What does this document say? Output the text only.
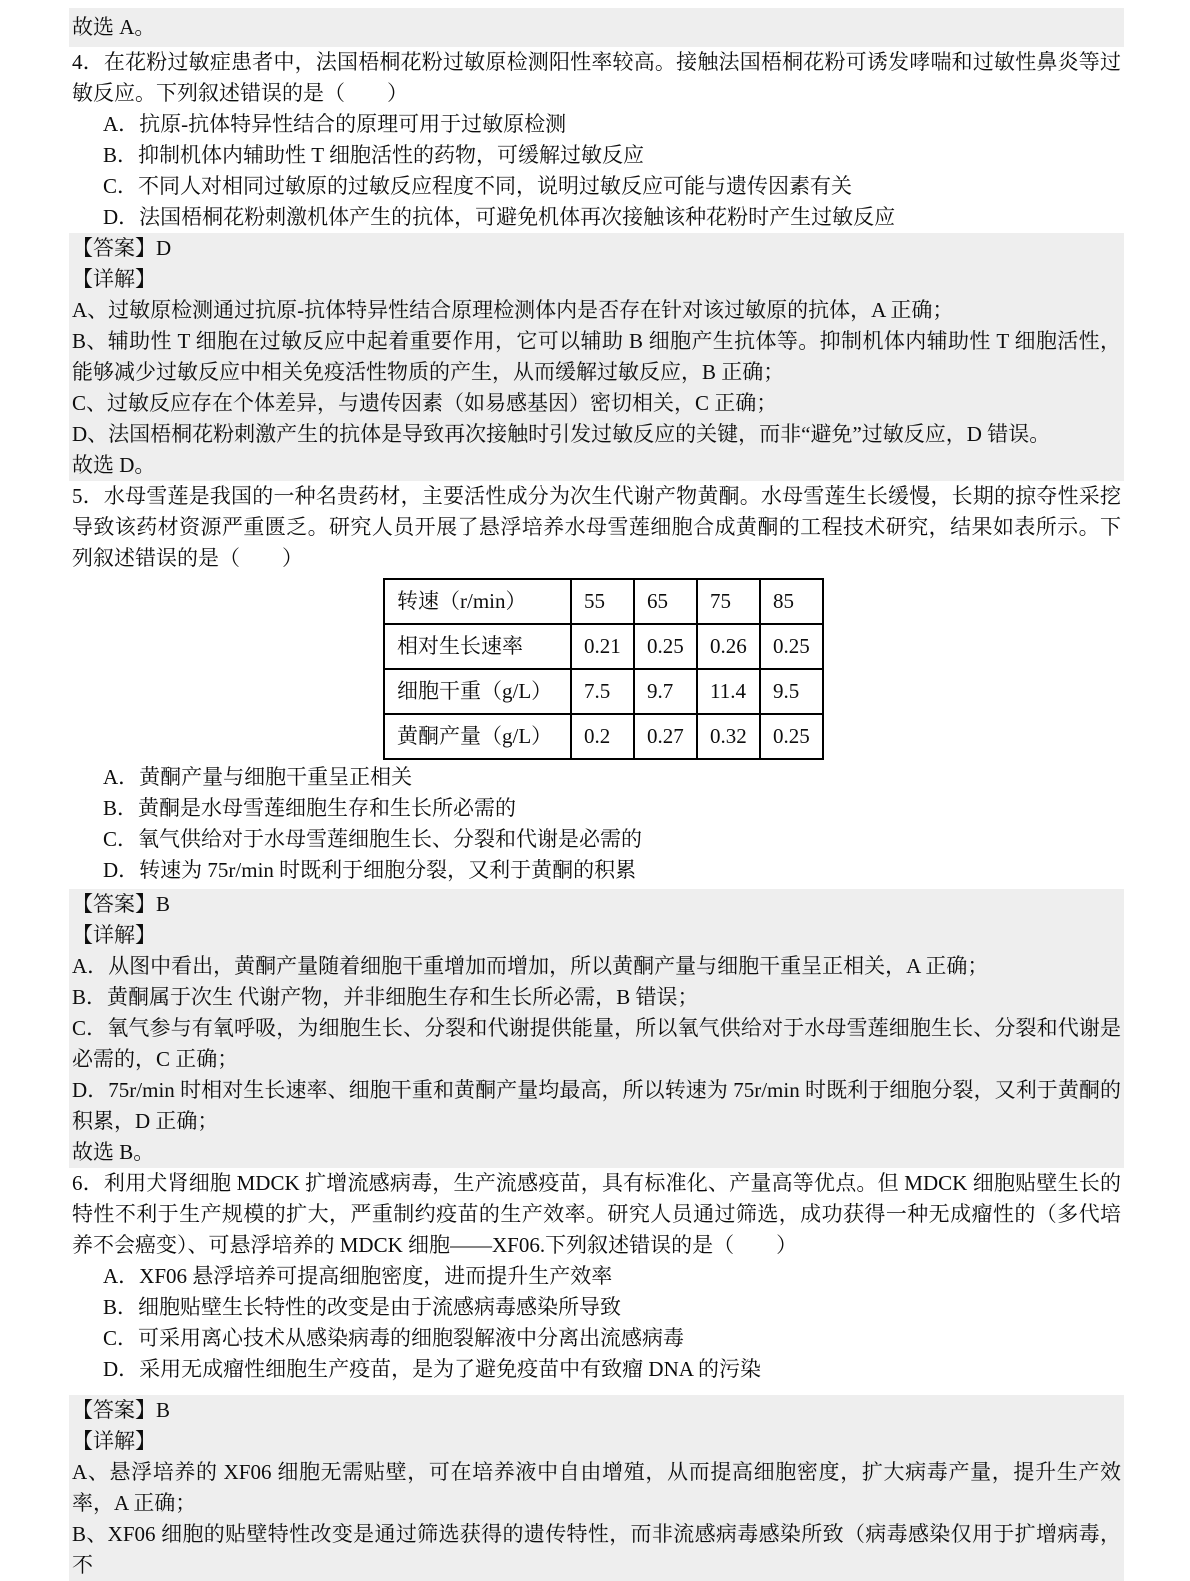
故选 A。
4．在花粉过敏症患者中，法国梧桐花粉过敏原检测阳性率较高。接触法国梧桐花粉可诱发哮喘和过敏性鼻炎等过敏反应。下列叙述错误的是（　　）
A．抗原-抗体特异性结合的原理可用于过敏原检测
B．抑制机体内辅助性 T 细胞活性的药物，可缓解过敏反应
C．不同人对相同过敏原的过敏反应程度不同，说明过敏反应可能与遗传因素有关
D．法国梧桐花粉刺激机体产生的抗体，可避免机体再次接触该种花粉时产生过敏反应
【答案】D
【详解】
A、过敏原检测通过抗原-抗体特异性结合原理检测体内是否存在针对该过敏原的抗体，A 正确；
B、辅助性 T 细胞在过敏反应中起着重要作用，它可以辅助 B 细胞产生抗体等。抑制机体内辅助性 T 细胞活性，能够减少过敏反应中相关免疫活性物质的产生，从而缓解过敏反应，B 正确；
C、过敏反应存在个体差异，与遗传因素（如易感基因）密切相关，C 正确；
D、法国梧桐花粉刺激产生的抗体是导致再次接触时引发过敏反应的关键，而非“避免”过敏反应，D 错误。
故选 D。
5．水母雪莲是我国的一种名贵药材，主要活性成分为次生代谢产物黄酮。水母雪莲生长缓慢，长期的掠夺性采挖导致该药材资源严重匮乏。研究人员开展了悬浮培养水母雪莲细胞合成黄酮的工程技术研究，结果如表所示。下列叙述错误的是（　　）
转速（r/min）	55	65	75	85
相对生长速率	0.21	0.25	0.26	0.25
细胞干重（g/L）	7.5	9.7	11.4	9.5
黄酮产量（g/L）	0.2	0.27	0.32	0.25
A．黄酮产量与细胞干重呈正相关
B．黄酮是水母雪莲细胞生存和生长所必需的
C．氧气供给对于水母雪莲细胞生长、分裂和代谢是必需的
D．转速为 75r/min 时既利于细胞分裂，又利于黄酮的积累
【答案】B
【详解】
A．从图中看出，黄酮产量随着细胞干重增加而增加，所以黄酮产量与细胞干重呈正相关，A 正确；
B．黄酮属于次生 代谢产物，并非细胞生存和生长所必需，B 错误；
C．氧气参与有氧呼吸，为细胞生长、分裂和代谢提供能量，所以氧气供给对于水母雪莲细胞生长、分裂和代谢是必需的，C 正确；
D．75r/min 时相对生长速率、细胞干重和黄酮产量均最高，所以转速为 75r/min 时既利于细胞分裂，又利于黄酮的积累，D 正确；
故选 B。
6．利用犬肾细胞 MDCK 扩增流感病毒，生产流感疫苗，具有标准化、产量高等优点。但 MDCK 细胞贴壁生长的特性不利于生产规模的扩大，严重制约疫苗的生产效率。研究人员通过筛选，成功获得一种无成瘤性的（多代培养不会癌变）、可悬浮培养的 MDCK 细胞——XF06.下列叙述错误的是（　　）
A．XF06 悬浮培养可提高细胞密度，进而提升生产效率
B．细胞贴壁生长特性的改变是由于流感病毒感染所导致
C．可采用离心技术从感染病毒的细胞裂解液中分离出流感病毒
D．采用无成瘤性细胞生产疫苗，是为了避免疫苗中有致瘤 DNA 的污染
【答案】B
【详解】
A、悬浮培养的 XF06 细胞无需贴壁，可在培养液中自由增殖，从而提高细胞密度，扩大病毒产量，提升生产效率，A 正确；
B、XF06 细胞的贴壁特性改变是通过筛选获得的遗传特性，而非流感病毒感染所致（病毒感染仅用于扩增病毒，不
